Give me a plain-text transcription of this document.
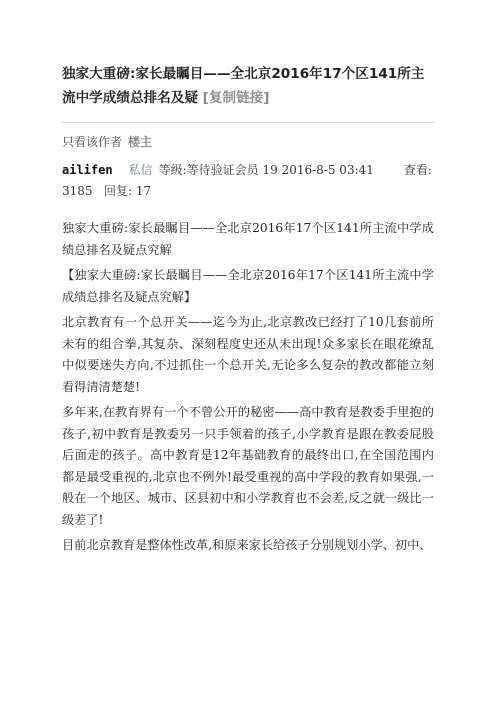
独家大重磅:家长最瞩目——全北京2016年17个区141所主流中学成绩总排名及疑 [复制链接]
只看该作者 楼主
ailifen 私信 等级:等待验证会员 19 2016-8-5 03:41	查看: 3185 回复: 17

独家大重磅:家长最瞩目——全北京2016年17个区141所主流中学成绩总排名及疑点究解

【独家大重磅:家长最瞩目——全北京2016年17个区141所主流中学成绩总排名及疑点究解】

北京教育有一个总开关——迄今为止,北京教改已经打了10几套前所未有的组合拳,其复杂、深刻程度史还从未出现!众多家长在眼花缭乱中似要迷失方向,不过抓住一个总开关,无论多么复杂的教改都能立刻看得清清楚楚!

多年来,在教育界有一个不曾公开的秘密——高中教育是教委手里抱的孩子,初中教育是教委另一只手领着的孩子,小学教育是跟在教委屁股后面走的孩子。高中教育是12年基础教育的最终出口,在全国范围内都是最受重视的,北京也不例外!最受重视的高中学段的教育如果强,一般在一个地区、城市、区县初中和小学教育也不会差,反之就一级比一级差了!

目前北京教育是整体性改革,和原来家长给孩子分别规划小学、初中、
